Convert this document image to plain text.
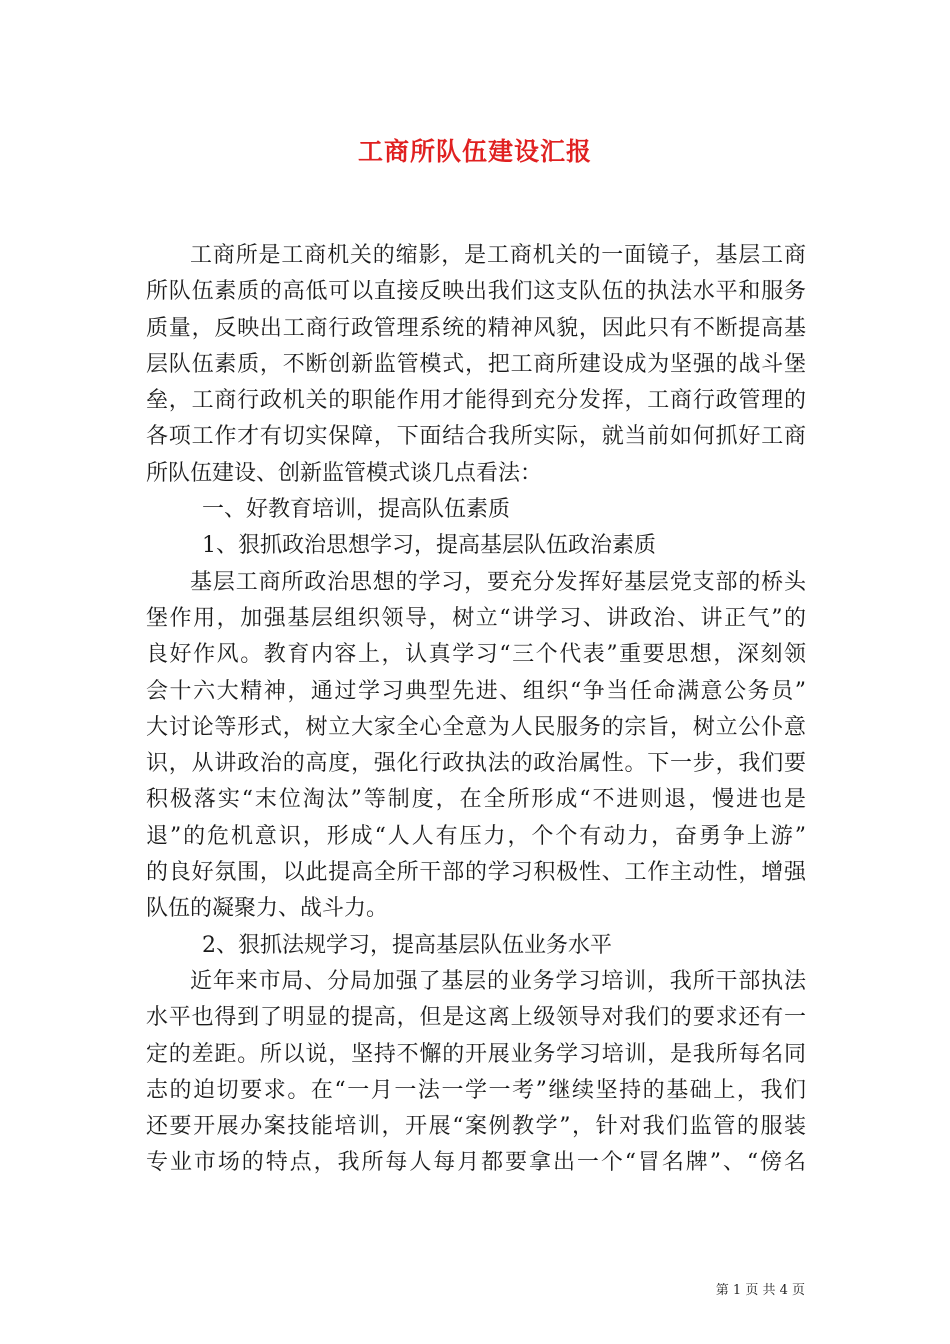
工商所队伍建设汇报
工商所是工商机关的缩影，是工商机关的一面镜子，基层工商
所队伍素质的高低可以直接反映出我们这支队伍的执法水平和服务
质量，反映出工商行政管理系统的精神风貌，因此只有不断提高基
层队伍素质，不断创新监管模式，把工商所建设成为坚强的战斗堡
垒，工商行政机关的职能作用才能得到充分发挥，工商行政管理的
各项工作才有切实保障，下面结合我所实际，就当前如何抓好工商
所队伍建设、创新监管模式谈几点看法：
一、好教育培训，提高队伍素质
1、狠抓政治思想学习，提高基层队伍政治素质
基层工商所政治思想的学习，要充分发挥好基层党支部的桥头
堡作用，加强基层组织领导，树立“讲学习、讲政治、讲正气”的
良好作风。教育内容上，认真学习“三个代表”重要思想，深刻领
会十六大精神，通过学习典型先进、组织“争当任命满意公务员”
大讨论等形式，树立大家全心全意为人民服务的宗旨，树立公仆意
识，从讲政治的高度，强化行政执法的政治属性。下一步，我们要
积极落实“末位淘汰”等制度，在全所形成“不进则退，慢进也是
退”的危机意识，形成“人人有压力，个个有动力，奋勇争上游”
的良好氛围，以此提高全所干部的学习积极性、工作主动性，增强
队伍的凝聚力、战斗力。
2、狠抓法规学习，提高基层队伍业务水平
近年来市局、分局加强了基层的业务学习培训，我所干部执法
水平也得到了明显的提高，但是这离上级领导对我们的要求还有一
定的差距。所以说，坚持不懈的开展业务学习培训，是我所每名同
志的迫切要求。在“一月一法一学一考”继续坚持的基础上，我们
还要开展办案技能培训，开展“案例教学”，针对我们监管的服装
专业市场的特点，我所每人每月都要拿出一个“冒名牌”、“傍名
第 1 页 共 4 页
